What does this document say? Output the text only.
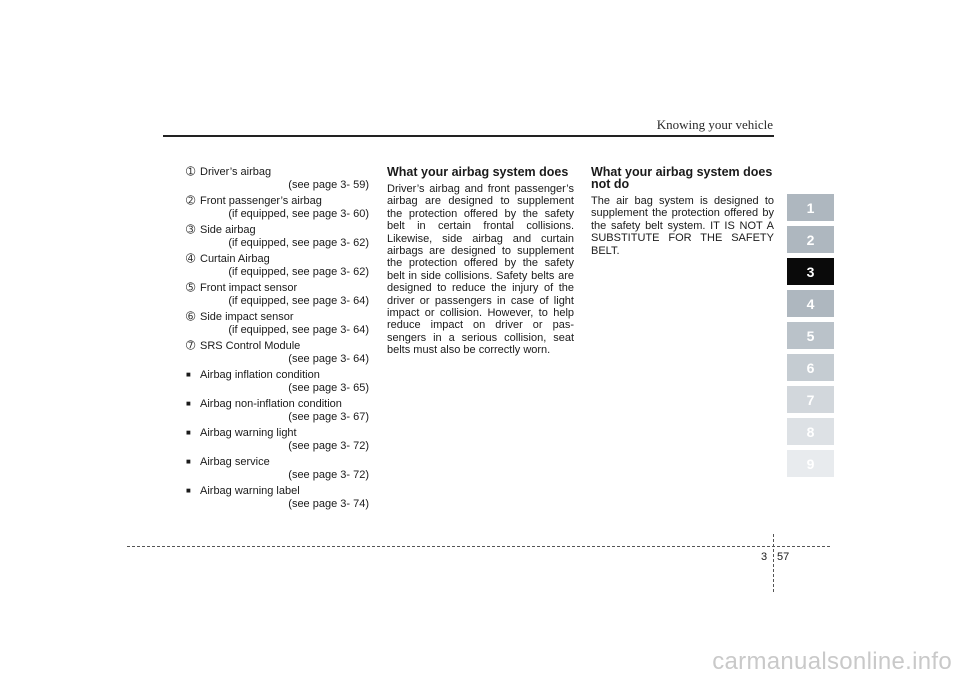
Knowing your vehicle
➀ Driver’s airbag
(see page 3- 59)
➁ Front passenger’s airbag
(if equipped, see page 3- 60)
➂ Side airbag
(if equipped, see page 3- 62)
➃ Curtain Airbag
(if equipped, see page 3- 62)
➄ Front impact sensor
(if equipped, see page 3- 64)
➅ Side impact sensor
(if equipped, see page 3- 64)
➆ SRS Control Module
(see page 3- 64)
■ Airbag inflation condition
(see page 3- 65)
■ Airbag non-inflation condition
(see page 3- 67)
■ Airbag warning light
(see page 3- 72)
■ Airbag service
(see page 3- 72)
■ Airbag warning label
(see page 3- 74)
What your airbag system does

Driver’s airbag and front passenger’s airbag are designed to supplement the protection offered by the safety belt in certain frontal collisions. Likewise, side airbag and curtain airbags are designed to supplement the protection offered by the safety belt in side collisions. Safety belts are designed to reduce the injury of the driver or passengers in case of light impact or collision. However, to help reduce impact on driver or pas-sengers in a serious collision, seat belts must also be correctly worn.

What your airbag system does not do

The air bag system is designed to supplement the protection offered by the safety belt system. IT IS NOT A SUBSTITUTE FOR THE SAFETY BELT.

1
2
3
4
5
6
7
8
9
3 57
carmanualsonline.info
